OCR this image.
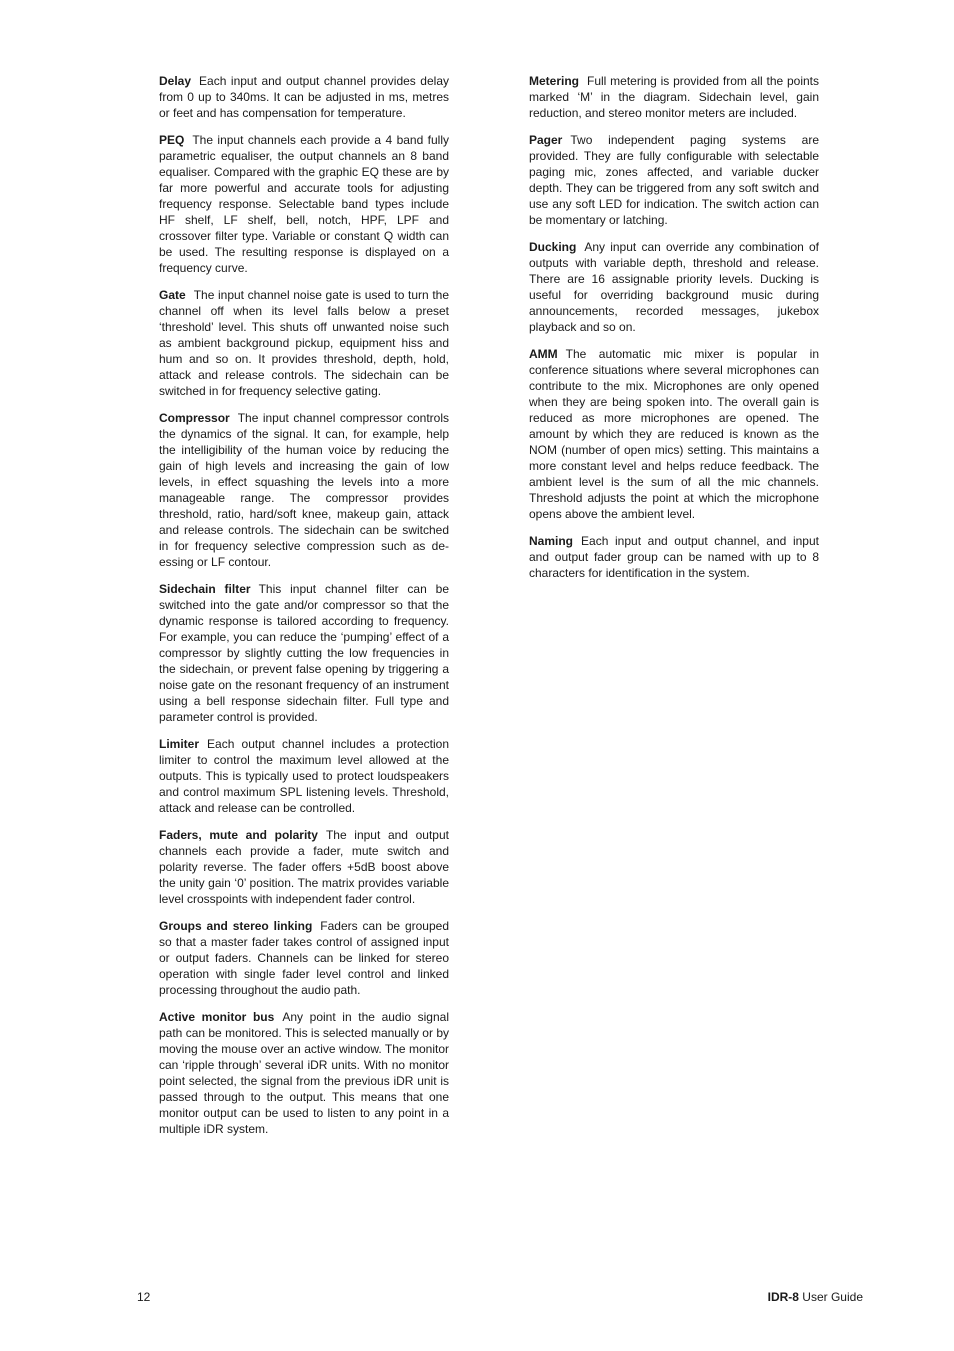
Delay Each input and output channel provides delay from 0 up to 340ms. It can be adjusted in ms, metres or feet and has compensation for temperature.

PEQ The input channels each provide a 4 band fully parametric equaliser, the output channels an 8 band equaliser. Compared with the graphic EQ these are by far more powerful and accurate tools for adjusting frequency response. Selectable band types include HF shelf, LF shelf, bell, notch, HPF, LPF and crossover filter type. Variable or constant Q width can be used. The resulting response is displayed on a frequency curve.

Gate The input channel noise gate is used to turn the channel off when its level falls below a preset ‘threshold’ level. This shuts off unwanted noise such as ambient background pickup, equipment hiss and hum and so on. It provides threshold, depth, hold, attack and release controls. The sidechain can be switched in for frequency selective gating.

Compressor The input channel compressor controls the dynamics of the signal. It can, for example, help the intelligibility of the human voice by reducing the gain of high levels and increasing the gain of low levels, in effect squashing the levels into a more manageable range. The compressor provides threshold, ratio, hard/soft knee, makeup gain, attack and release controls. The sidechain can be switched in for frequency selective compression such as de-essing or LF contour.

Sidechain filter This input channel filter can be switched into the gate and/or compressor so that the dynamic response is tailored according to frequency. For example, you can reduce the ‘pumping’ effect of a compressor by slightly cutting the low frequencies in the sidechain, or prevent false opening by triggering a noise gate on the resonant frequency of an instrument using a bell response sidechain filter. Full type and parameter control is provided.

Limiter Each output channel includes a protection limiter to control the maximum level allowed at the outputs. This is typically used to protect loudspeakers and control maximum SPL listening levels. Threshold, attack and release can be controlled.

Faders, mute and polarity The input and output channels each provide a fader, mute switch and polarity reverse. The fader offers +5dB boost above the unity gain ‘0’ position. The matrix provides variable level crosspoints with independent fader control.

Groups and stereo linking Faders can be grouped so that a master fader takes control of assigned input or output faders. Channels can be linked for stereo operation with single fader level control and linked processing throughout the audio path.

Active monitor bus Any point in the audio signal path can be monitored. This is selected manually or by moving the mouse over an active window. The monitor can ‘ripple through’ several iDR units. With no monitor point selected, the signal from the previous iDR unit is passed through to the output. This means that one monitor output can be used to listen to any point in a multiple iDR system.

Metering Full metering is provided from all the points marked ‘M’ in the diagram. Sidechain level, gain reduction, and stereo monitor meters are included.

Pager Two independent paging systems are provided. They are fully configurable with selectable paging mic, zones affected, and variable ducker depth. They can be triggered from any soft switch and use any soft LED for indication. The switch action can be momentary or latching.

Ducking Any input can override any combination of outputs with variable depth, threshold and release. There are 16 assignable priority levels. Ducking is useful for overriding background music during announcements, recorded messages, jukebox playback and so on.

AMM The automatic mic mixer is popular in conference situations where several microphones can contribute to the mix. Microphones are only opened when they are being spoken into. The overall gain is reduced as more microphones are opened. The amount by which they are reduced is known as the NOM (number of open mics) setting. This maintains a more constant level and helps reduce feedback. The ambient level is the sum of all the mic channels. Threshold adjusts the point at which the microphone opens above the ambient level.

Naming Each input and output channel, and input and output fader group can be named with up to 8 characters for identification in the system.

12	IDR-8 User Guide
